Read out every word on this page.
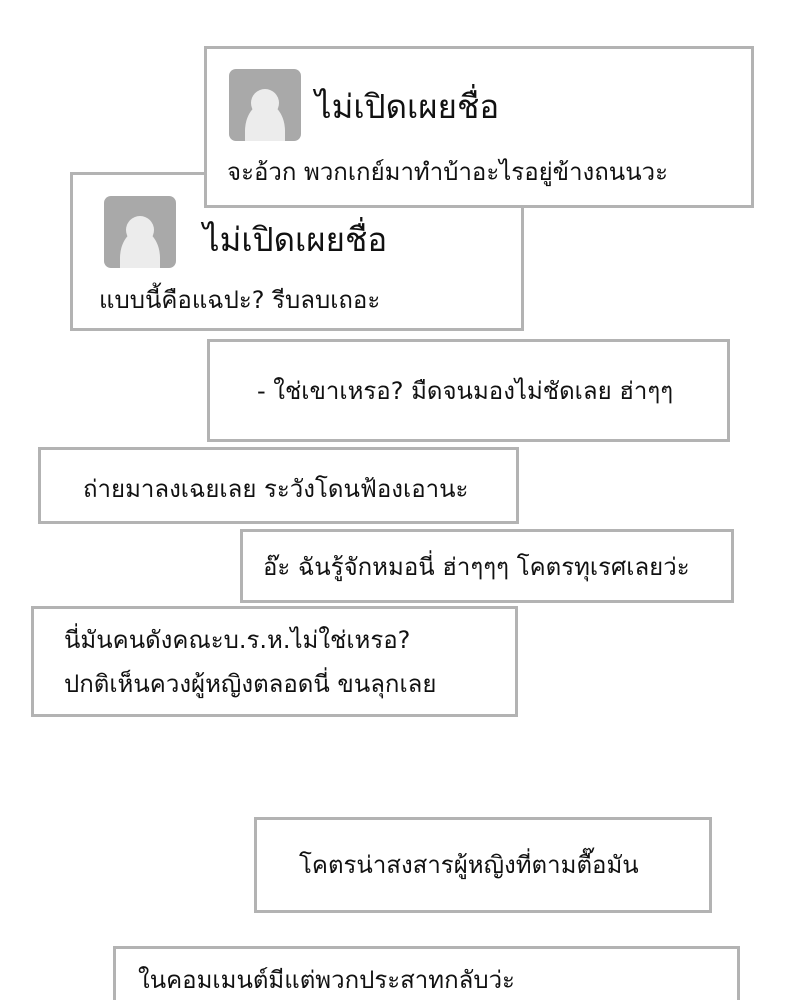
ไม่เปิดเผยชื่อ
จะอ้วก พวกเกย์มาทำบ้าอะไรอยู่ข้างถนนวะ
ไม่เปิดเผยชื่อ
แบบนี้คือแฉปะ? รีบลบเถอะ
- ใช่เขาเหรอ? มืดจนมองไม่ชัดเลย ฮ่าๆๆ
ถ่ายมาลงเฉยเลย ระวังโดนฟ้องเอานะ
อ๊ะ ฉันรู้จักหมอนี่ ฮ่าๆๆๆ โคตรทุเรศเลยว่ะ
นี่มันคนดังคณะบ.ร.ห.ไม่ใช่เหรอ?
ปกติเห็นควงผู้หญิงตลอดนี่ ขนลุกเลย
โคตรน่าสงสารผู้หญิงที่ตามตื๊อมัน
ในคอมเมนต์มีแต่พวกประสาทกลับว่ะ
